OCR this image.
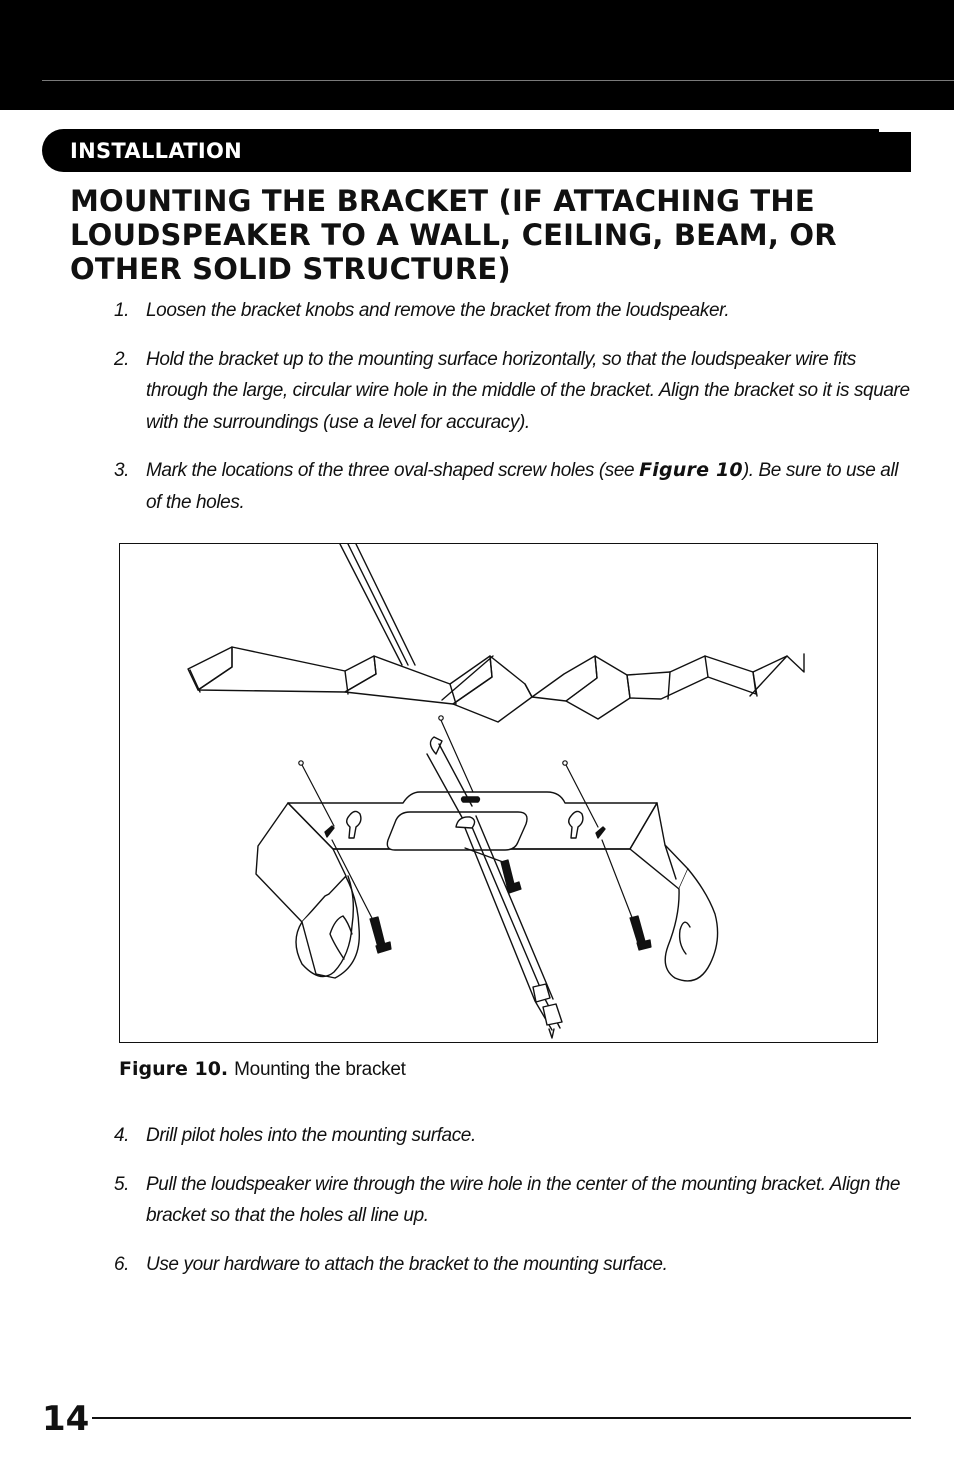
INSTALLATION
MOUNTING THE BRACKET (IF ATTACHING THE LOUDSPEAKER TO A WALL, CEILING, BEAM, OR OTHER SOLID STRUCTURE)
1. Loosen the bracket knobs and remove the bracket from the loudspeaker.
2. Hold the bracket up to the mounting surface horizontally, so that the loudspeaker wire fits through the large, circular wire hole in the middle of the bracket. Align the bracket so it is square with the surroundings (use a level for accuracy).
3. Mark the locations of the three oval-shaped screw holes (see Figure 10). Be sure to use all of the holes.
Figure 10. Mounting the bracket
4. Drill pilot holes into the mounting surface.
5. Pull the loudspeaker wire through the wire hole in the center of the mounting bracket. Align the bracket so that the holes all line up.
6. Use your hardware to attach the bracket to the mounting surface.
14
